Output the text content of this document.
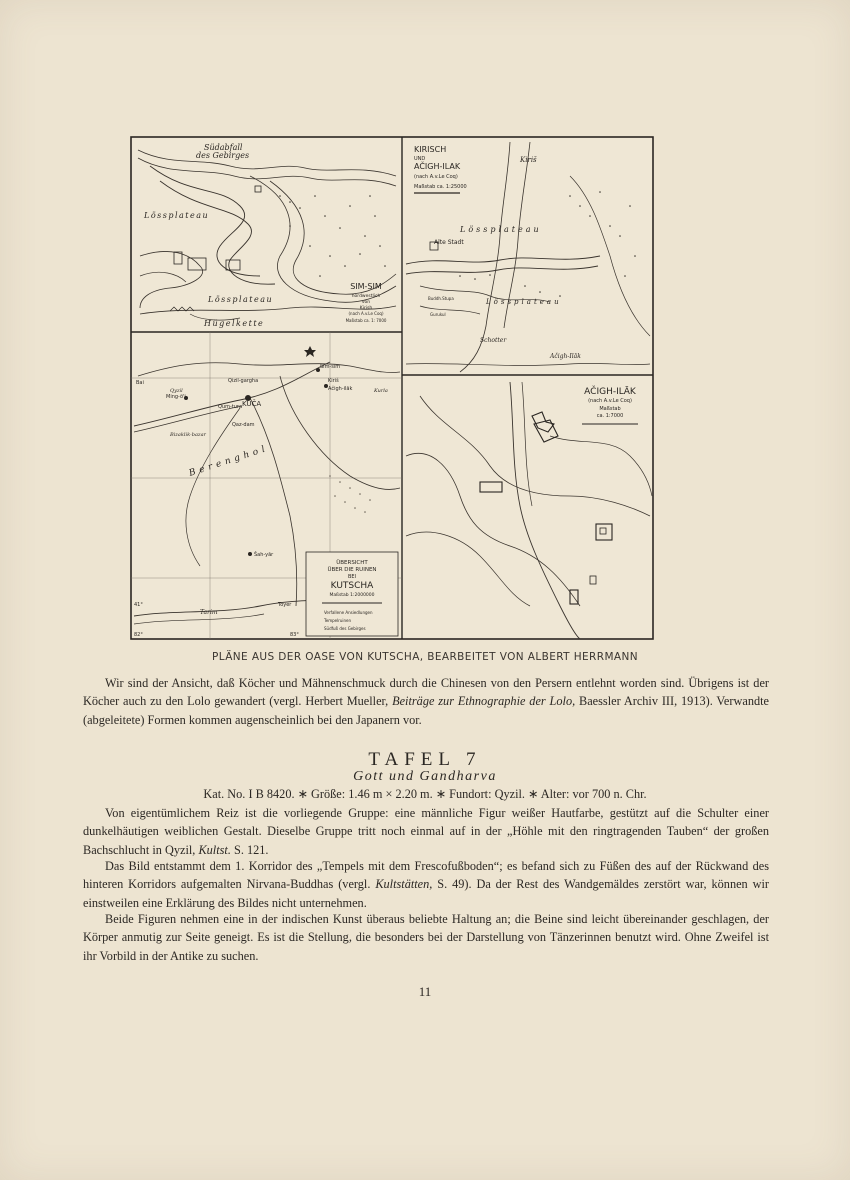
Südabfall
des Gebirges
Lössplateau
Lössplateau
Hügelkette
SIM-SIM
nordwestlich
von
Kirish
(nach A.v.Le Coq)
Maßstab ca. 1: 7000
KIRISCH
UND
AČIGH-ILAK
(nach A.v.Le Coq)
Maßstab ca. 1:25000
Kiriš
Lössplateau
Lössplateau
Alte Stadt
Schotter
Ačigh-Ilāk
Buddh.Stupa
Gurukul
ÜBERSICHT
ÜBER DIE RUINEN
BEI
KUTSCHA
Maßstab 1:2000000
Verfallene Ansiedlungen
Tempelruinen
Südfuß des Gebirges
KUČA
Qyzil
Qizil-gargha
Sim-sim
Kiriš
Ačigh-ilāk
Šah-yār
Qum-tura
Ming-ö'i
Bai
Toyer
Kurla
Qaz-dam
Bizaklik-bazar
Berenghol
Tarim
82°	83°
41°
AČIGH-ILĀK
(nach A.v.Le Coq)
Maßstab
ca. 1:7000
PLÄNE AUS DER OASE VON KUTSCHA, BEARBEITET VON ALBERT HERRMANN
Wir sind der Ansicht, daß Köcher und Mähnenschmuck durch die Chinesen von den Persern entlehnt worden sind. Übrigens ist der Köcher auch zu den Lolo gewandert (vergl. Herbert Mueller, Beiträge zur Ethnographie der Lolo, Baessler Archiv III, 1913). Verwandte (abgeleitete) Formen kommen augenscheinlich bei den Japanern vor.
TAFEL 7
Gott und Gandharva
Kat. No. I B 8420. ∗ Größe: 1.46 m × 2.20 m. ∗ Fundort: Qyzil. ∗ Alter: vor 700 n. Chr.
Von eigentümlichem Reiz ist die vorliegende Gruppe: eine männliche Figur weißer Hautfarbe, gestützt auf die Schulter einer dunkelhäutigen weiblichen Gestalt. Dieselbe Gruppe tritt noch einmal auf in der „Höhle mit den ringtragenden Tauben“ der großen Bachschlucht in Qyzil, Kultst. S. 121.
Das Bild entstammt dem 1. Korridor des „Tempels mit dem Frescofußboden“; es befand sich zu Füßen des auf der Rückwand des hinteren Korridors aufgemalten Nirvana-Buddhas (vergl. Kultstätten, S. 49). Da der Rest des Wandgemäldes zerstört war, können wir einstweilen eine Erklärung des Bildes nicht unternehmen.
Beide Figuren nehmen eine in der indischen Kunst überaus beliebte Haltung an; die Beine sind leicht übereinander geschlagen, der Körper anmutig zur Seite geneigt. Es ist die Stellung, die besonders bei der Darstellung von Tänzerinnen benutzt wird. Ohne Zweifel ist ihr Vorbild in der Antike zu suchen.
11
